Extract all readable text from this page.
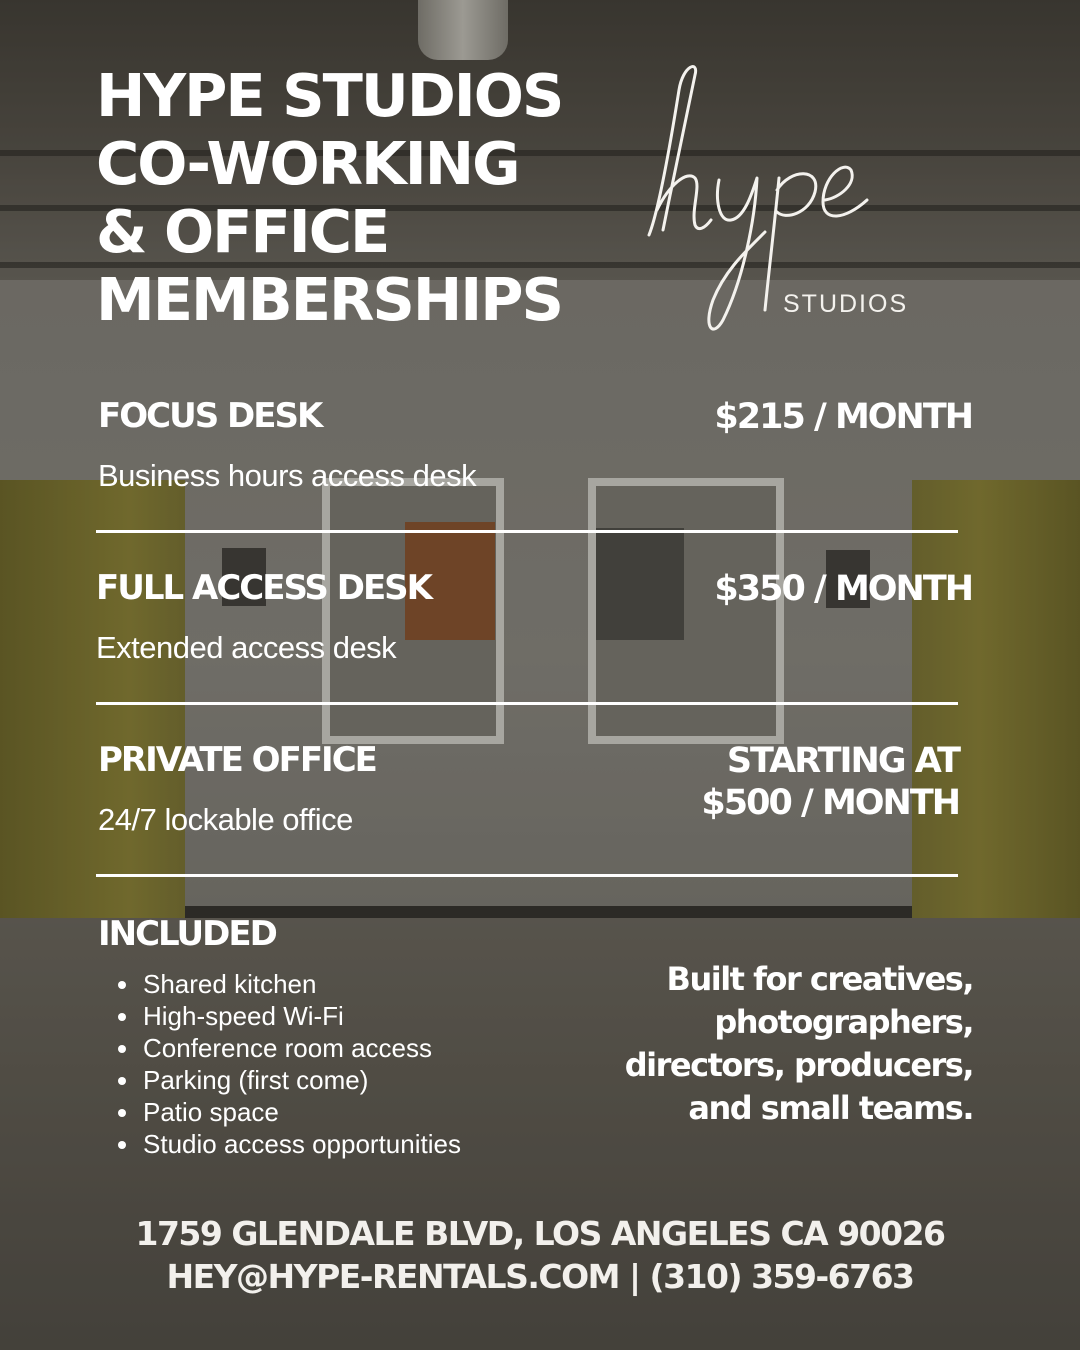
HYPE STUDIOS
CO-WORKING
& OFFICE
MEMBERSHIPS	STUDIOS
FOCUS DESK
Business hours access desk
$215 / MONTH
FULL ACCESS DESK
Extended access desk
$350 / MONTH
PRIVATE OFFICE
24/7 lockable office
STARTING AT
$500 / MONTH
INCLUDED
Shared kitchen
High-speed Wi-Fi
Conference room access
Parking (first come)
Patio space
Studio access opportunities
Built for creatives,
photographers,
directors, producers,
and small teams.
1759 GLENDALE BLVD, LOS ANGELES CA 90026
HEY@HYPE-RENTALS.COM | (310) 359-6763
